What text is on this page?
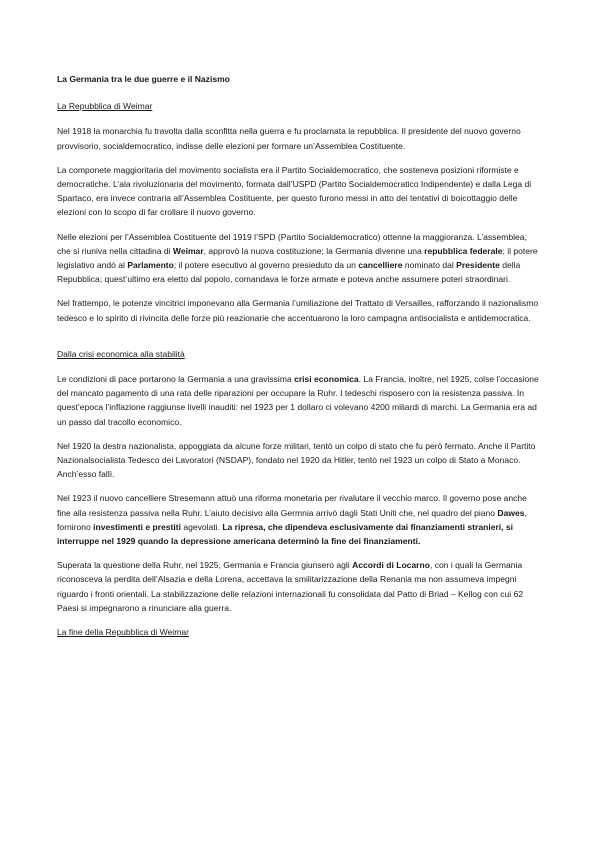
La Germania tra le due guerre e il Nazismo
La Repubblica di Weimar

Nel 1918 la monarchia fu travolta dalla sconfitta nella guerra e fu proclamata la repubblica. Il presidente del nuovo governo provvisorio, socialdemocratico, indisse delle elezioni per formare un’Assemblea Costituente.

La componete maggioritaria del movimento socialista era il Partito Socialdemocratico, che sosteneva posizioni riformiste e democratiche. L’ala rivoluzionaria del movimento, formata dall’USPD (Partito Socialdemocratico Indipendente) e dalla Lega di Spartaco, era invece contraria all’Assemblea Costituente, per questo furono messi in atto dei tentativi di boicottaggio delle elezioni con lo scopo di far crollare il nuovo governo.

Nelle elezioni per l’Assemblea Costituente del 1919 l’SPD (Partito Socialdemocratico) ottenne la maggioranza. L’assemblea, che si riuniva nella cittadina di Weimar, approvò la nuova costituzione; la Germania divenne una repubblica federale; il potere legislativo andò al Parlamento; il potere esecutivo al governo presieduto da un cancelliere nominato dal Presidente della Repubblica; quest’ultimo era eletto dal popolo, comandava le forze armate e poteva anche assumere poteri straordinari.

Nel frattempo, le potenze vincitrici imponevano alla Germania l’umiliazione del Trattato di Versailles, rafforzando il nazionalismo tedesco e lo spirito di rivincita delle forze più reazionarie che accentuarono la loro campagna antisocialista e antidemocratica.

Dalla crisi economica alla stabilità

Le condizioni di pace portarono la Germania a una gravissima crisi economica. La Francia, inoltre, nel 1925, colse l’occasione del mancato pagamento di una rata delle riparazioni per occupare la Ruhr. I tedeschi risposero con la resistenza passiva. In quest’epoca l’inflazione raggiunse livelli inauditi: nel 1923 per 1 dollaro ci volevano 4200 miliardi di marchi. La Germania era ad un passo dal tracollo economico.

Nel 1920 la destra nazionalista, appoggiata da alcune forze militari, tentò un colpo di stato che fu però fermato. Anche il Partito Nazionalsocialista Tedesco dei Lavoratori (NSDAP), fondato nel 1920 da Hitler, tentò nel 1923 un colpo di Stato a Monaco. Anch’esso fallì.

Nel 1923 il nuovo cancelliere Stresemann attuò una riforma monetaria per rivalutare il vecchio marco. Il governo pose anche fine alla resistenza passiva nella Ruhr. L’aiuto decisivo alla Germnia arrivò dagli Stati Uniti che, nel quadro del piano Dawes, fornirono investimenti e prestiti agevolati. La ripresa, che dipendeva esclusivamente dai finanziamenti stranieri, si interruppe nel 1929 quando la depressione americana determinò la fine dei finanziamenti.

Superata la questione della Ruhr, nel 1925, Germania e Francia giunsero agli Accordi di Locarno, con i quali la Germania riconosceva la perdita dell’Alsazia e della Lorena, accettava la smilitarizzazione della Renania ma non assumeva impegni riguardo i fronti orientali. La stabilizzazione delle relazioni internazionali fu consolidata dal Patto di Briad – Kellog con cui 62 Paesi si impegnarono a rinunciare alla guerra.

La fine della Repubblica di Weimar
